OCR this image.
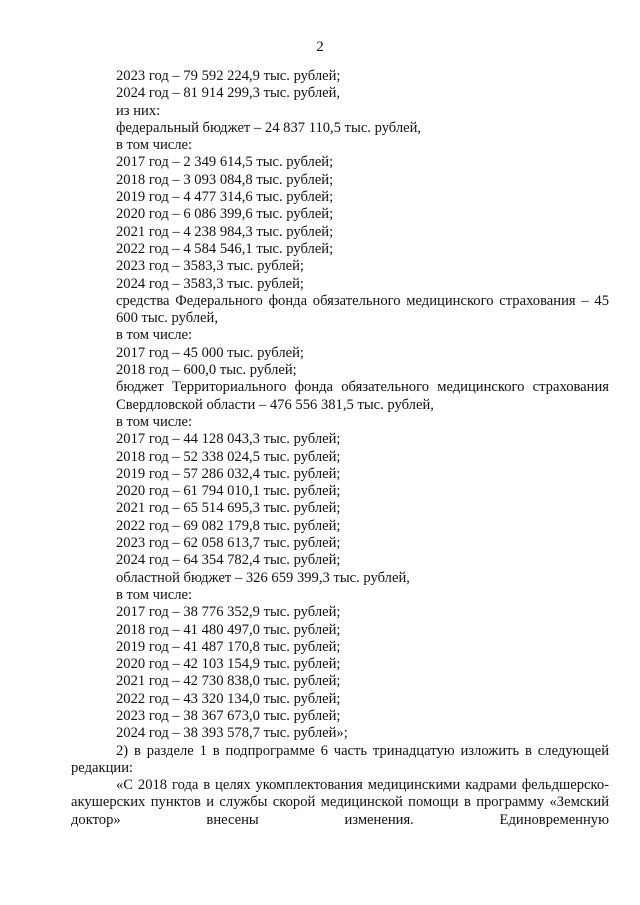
2

2023 год – 79 592 224,9 тыс. рублей;

2024 год – 81 914 299,3 тыс. рублей,

из них:

федеральный бюджет – 24 837 110,5 тыс. рублей,

в том числе:

2017 год – 2 349 614,5 тыс. рублей;

2018 год – 3 093 084,8 тыс. рублей;

2019 год – 4 477 314,6 тыс. рублей;

2020 год – 6 086 399,6 тыс. рублей;

2021 год – 4 238 984,3 тыс. рублей;

2022 год – 4 584 546,1 тыс. рублей;

2023 год – 3583,3 тыс. рублей;

2024 год – 3583,3 тыс. рублей;

средства Федерального фонда обязательного медицинского страхования – 45 600 тыс. рублей,

в том числе:

2017 год – 45 000 тыс. рублей;

2018 год – 600,0 тыс. рублей;

бюджет Территориального фонда обязательного медицинского страхования Свердловской области – 476 556 381,5 тыс. рублей,

в том числе:

2017 год – 44 128 043,3 тыс. рублей;

2018 год – 52 338 024,5 тыс. рублей;

2019 год – 57 286 032,4 тыс. рублей;

2020 год – 61 794 010,1 тыс. рублей;

2021 год – 65 514 695,3 тыс. рублей;

2022 год – 69 082 179,8 тыс. рублей;

2023 год – 62 058 613,7 тыс. рублей;

2024 год – 64 354 782,4 тыс. рублей;

областной бюджет – 326 659 399,3 тыс. рублей,

в том числе:

2017 год – 38 776 352,9 тыс. рублей;

2018 год – 41 480 497,0 тыс. рублей;

2019 год – 41 487 170,8 тыс. рублей;

2020 год – 42 103 154,9 тыс. рублей;

2021 год – 42 730 838,0 тыс. рублей;

2022 год – 43 320 134,0 тыс. рублей;

2023 год – 38 367 673,0 тыс. рублей;

2024 год – 38 393 578,7 тыс. рублей»;

2) в разделе 1 в подпрограмме 6 часть тринадцатую изложить в следующей редакции:

«С 2018 года в целях укомплектования медицинскими кадрами фельдшерско-акушерских пунктов и службы скорой медицинской помощи в программу «Земский доктор» внесены изменения. Единовременную
